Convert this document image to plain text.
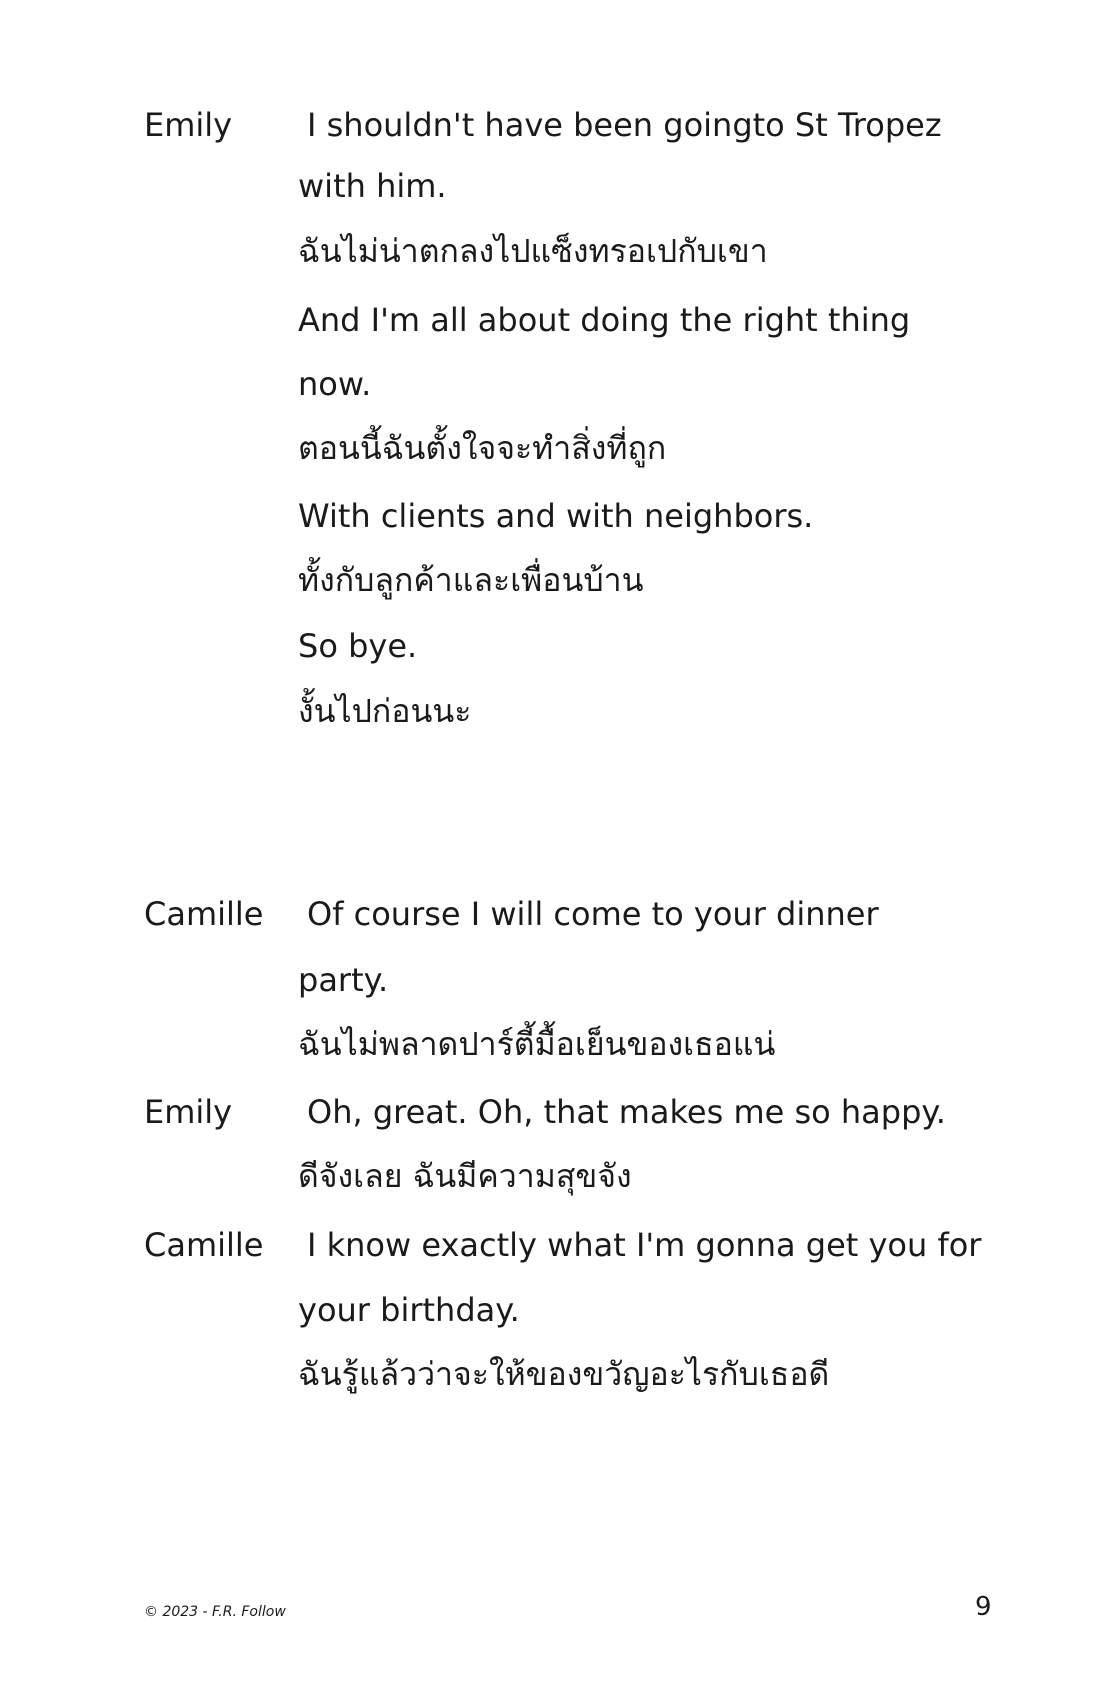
Emily I shouldn't have been goingto St Tropez
with him.
ฉันไม่น่าตกลงไปแซ็งทรอเปกับเขา
And I'm all about doing the right thing
now.
ตอนนี้ฉันตั้งใจจะทำสิ่งที่ถูก
With clients and with neighbors.
ทั้งกับลูกค้าและเพื่อนบ้าน
So bye.
งั้นไปก่อนนะ
Camille Of course I will come to your dinner
party.
ฉันไม่พลาดปาร์ตี้มื้อเย็นของเธอแน่
Emily Oh, great. Oh, that makes me so happy.
ดีจังเลย ฉันมีความสุขจัง
Camille I know exactly what I'm gonna get you for
your birthday.
ฉันรู้แล้วว่าจะให้ของขวัญอะไรกับเธอดี
© 2023 - F.R. Follow	9
